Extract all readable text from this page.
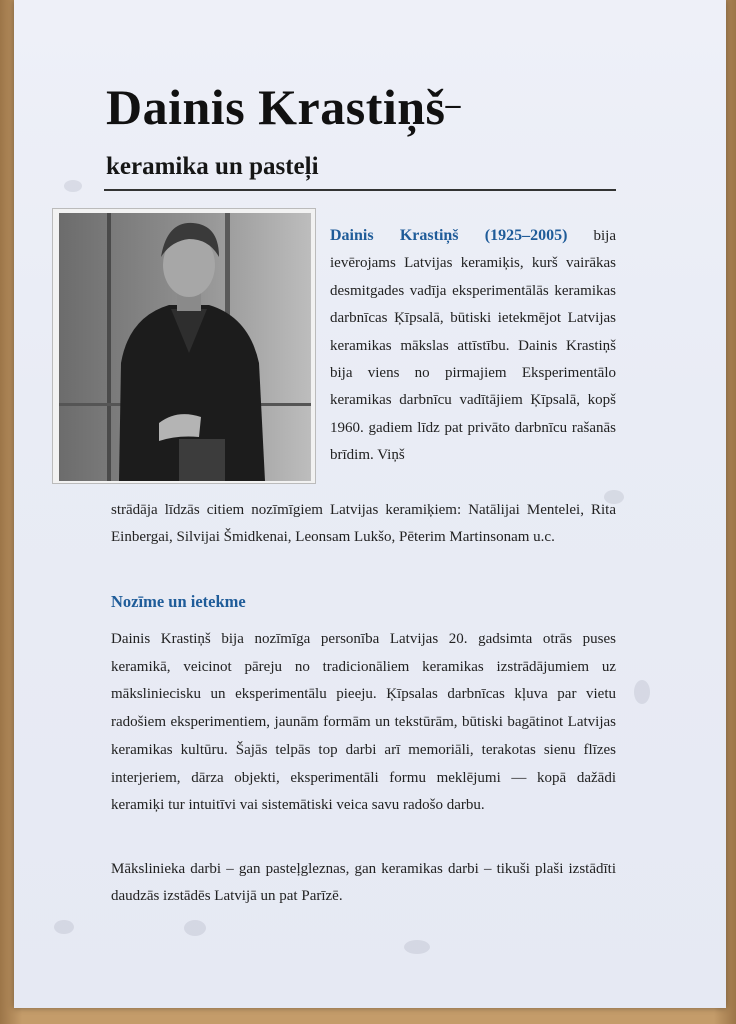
Dainis Krastiņš–
keramika un pasteļi

Dainis Krastiņš (1925–2005) bija ievērojams Latvijas keramiķis, kurš vairākas desmitgades vadīja eksperimentālās keramikas darbnīcas Ķīpsalā, būtiski ietekmējot Latvijas keramikas mākslas attīstību. Dainis Krastiņš bija viens no pirmajiem Eksperimentālo keramikas darbnīcu vadītājiem Ķīpsalā, kopš 1960. gadiem līdz pat privāto darbnīcu rašanās brīdim. Viņš

strādāja līdzās citiem nozīmīgiem Latvijas keramiķiem: Natālijai Mentelei, Rita Einbergai, Silvijai Šmidkenai, Leonsam Lukšo, Pēterim Martinsonam u.c.

Nozīme un ietekme

Dainis Krastiņš bija nozīmīga personība Latvijas 20. gadsimta otrās puses keramikā, veicinot pāreju no tradicionāliem keramikas izstrādājumiem uz māksliniecisku un eksperimentālu pieeju. Ķīpsalas darbnīcas kļuva par vietu radošiem eksperimentiem, jaunām formām un tekstūrām, būtiski bagātinot Latvijas keramikas kultūru. Šajās telpās top darbi arī memoriāli, terakotas sienu flīzes interjeriem, dārza objekti, eksperimentāli formu meklējumi — kopā dažādi keramiķi tur intuitīvi vai sistemātiski veica savu radošo darbu.

Mākslinieka darbi – gan pasteļgleznas, gan keramikas darbi – tikuši plaši izstādīti daudzās izstādēs Latvijā un pat Parīzē.
